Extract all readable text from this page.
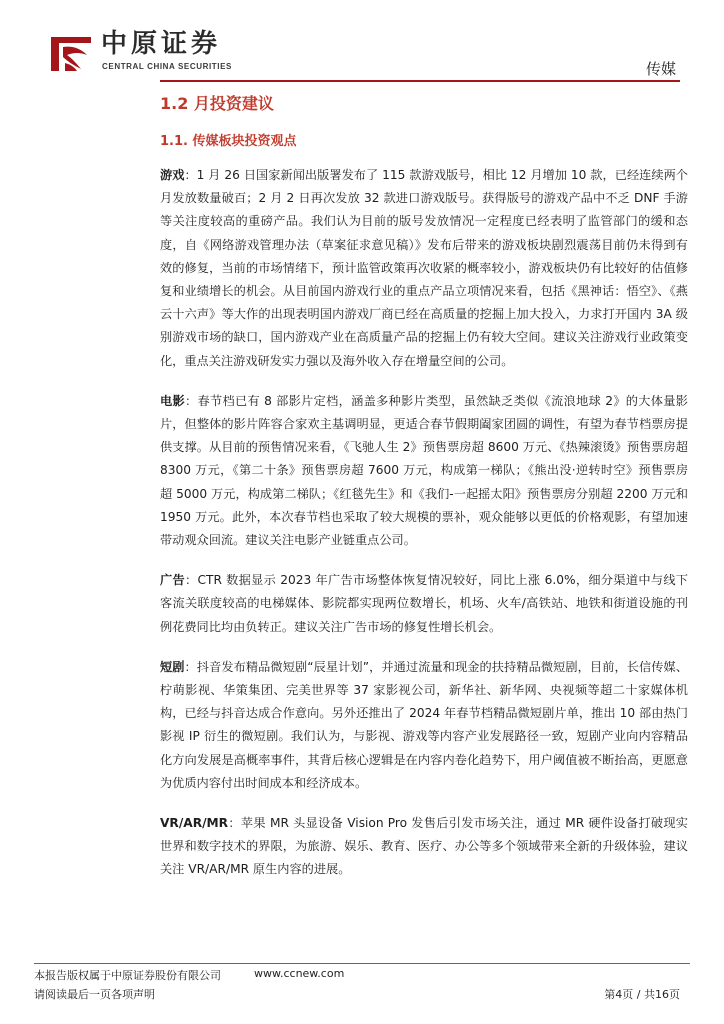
中原证券
CENTRAL CHINA SECURITIES	传媒
1.2 月投资建议
1.1. 传媒板块投资观点

游戏：1 月 26 日国家新闻出版署发布了 115 款游戏版号，相比 12 月增加 10 款，已经连续两个月发放数量破百；2 月 2 日再次发放 32 款进口游戏版号。获得版号的游戏产品中不乏 DNF 手游等关注度较高的重磅产品。我们认为目前的版号发放情况一定程度已经表明了监管部门的缓和态度，自《网络游戏管理办法（草案征求意见稿）》发布后带来的游戏板块剧烈震荡目前仍未得到有效的修复，当前的市场情绪下，预计监管政策再次收紧的概率较小，游戏板块仍有比较好的估值修复和业绩增长的机会。从目前国内游戏行业的重点产品立项情况来看，包括《黑神话：悟空》、《燕云十六声》等大作的出现表明国内游戏厂商已经在高质量的挖掘上加大投入，力求打开国内 3A 级别游戏市场的缺口，国内游戏产业在高质量产品的挖掘上仍有较大空间。建议关注游戏行业政策变化，重点关注游戏研发实力强以及海外收入存在增量空间的公司。

电影：春节档已有 8 部影片定档，涵盖多种影片类型，虽然缺乏类似《流浪地球 2》的大体量影片，但整体的影片阵容合家欢主基调明显，更适合春节假期阖家团圆的调性，有望为春节档票房提供支撑。从目前的预售情况来看，《飞驰人生 2》预售票房超 8600 万元、《热辣滚烫》预售票房超 8300 万元，《第二十条》预售票房超 7600 万元，构成第一梯队；《熊出没·逆转时空》预售票房超 5000 万元，构成第二梯队；《红毯先生》和《我们-一起摇太阳》预售票房分别超 2200 万元和 1950 万元。此外，本次春节档也采取了较大规模的票补，观众能够以更低的价格观影，有望加速带动观众回流。建议关注电影产业链重点公司。

广告：CTR 数据显示 2023 年广告市场整体恢复情况较好，同比上涨 6.0%，细分渠道中与线下客流关联度较高的电梯媒体、影院都实现两位数增长，机场、火车/高铁站、地铁和街道设施的刊例花费同比均由负转正。建议关注广告市场的修复性增长机会。

短剧：抖音发布精品微短剧“辰星计划”，并通过流量和现金的扶持精品微短剧，目前，长信传媒、柠萌影视、华策集团、完美世界等 37 家影视公司，新华社、新华网、央视频等超二十家媒体机构，已经与抖音达成合作意向。另外还推出了 2024 年春节档精品微短剧片单，推出 10 部由热门影视 IP 衍生的微短剧。我们认为，与影视、游戏等内容产业发展路径一致，短剧产业向内容精品化方向发展是高概率事件，其背后核心逻辑是在内容内卷化趋势下，用户阈值被不断抬高，更愿意为优质内容付出时间成本和经济成本。

VR/AR/MR：苹果 MR 头显设备 Vision Pro 发售后引发市场关注，通过 MR 硬件设备打破现实世界和数字技术的界限，为旅游、娱乐、教育、医疗、办公等多个领域带来全新的升级体验，建议关注 VR/AR/MR 原生内容的进展。

本报告版权属于中原证券股份有限公司	www.ccnew.com
请阅读最后一页各项声明	第4页 / 共16页
